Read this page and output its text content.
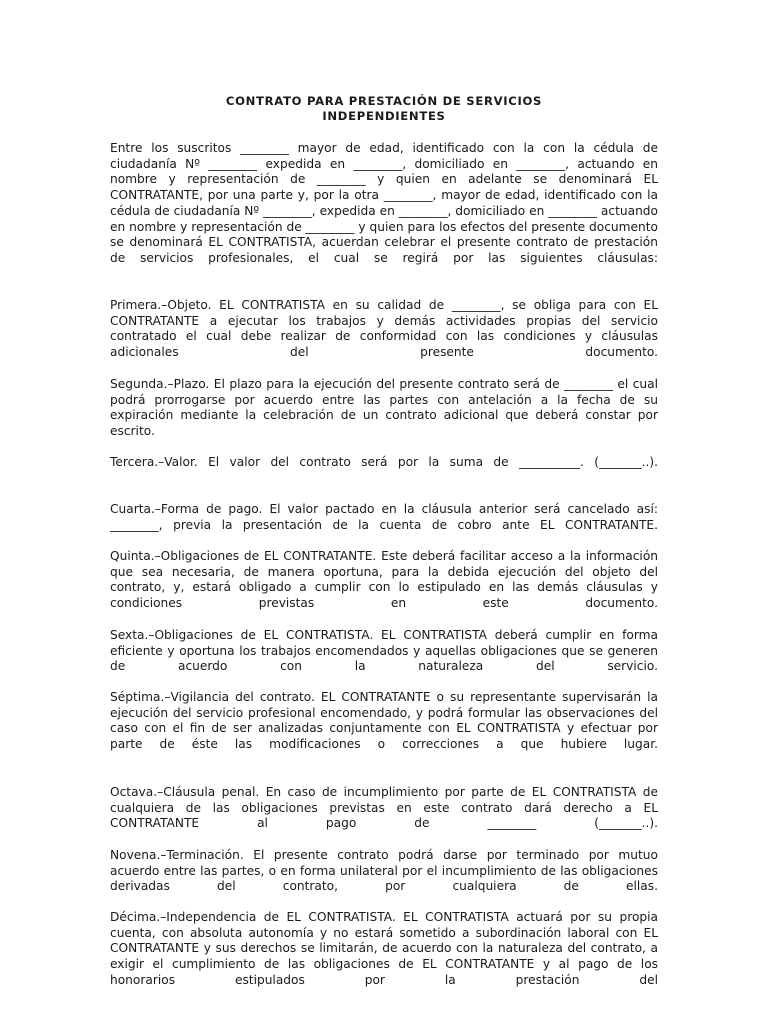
CONTRATO PARA PRESTACIÓN DE SERVICIOS
INDEPENDIENTES

Entre los suscritos ________ mayor de edad, identificado con la con la cédula de ciudadanía Nº ________ expedida en ________, domiciliado en ________, actuando en nombre y representación de ________ y quien en adelante se denominará EL CONTRATANTE, por una parte y, por la otra ________, mayor de edad, identificado con la cédula de ciudadanía Nº ________, expedida en ________, domiciliado en ________ actuando en nombre y representación de ________ y quien para los efectos del presente documento se denominará EL CONTRATISTA, acuerdan celebrar el presente contrato de prestación de servicios profesionales, el cual se regirá por las siguientes cláusulas:

Primera.–Objeto. EL CONTRATISTA en su calidad de ________, se obliga para con EL CONTRATANTE a ejecutar los trabajos y demás actividades propias del servicio contratado el cual debe realizar de conformidad con las condiciones y cláusulas adicionales del presente documento.

Segunda.–Plazo. El plazo para la ejecución del presente contrato será de ________ el cual podrá prorrogarse por acuerdo entre las partes con antelación a la fecha de su expiración mediante la celebración de un contrato adicional que deberá constar por escrito.

Tercera.–Valor. El valor del contrato será por la suma de __________. (_______..).

Cuarta.–Forma de pago. El valor pactado en la cláusula anterior será cancelado así: ________, previa la presentación de la cuenta de cobro ante EL CONTRATANTE.

Quinta.–Obligaciones de EL CONTRATANTE. Este deberá facilitar acceso a la información que sea necesaria, de manera oportuna, para la debida ejecución del objeto del contrato, y, estará obligado a cumplir con lo estipulado en las demás cláusulas y condiciones previstas en este documento.

Sexta.–Obligaciones de EL CONTRATISTA. EL CONTRATISTA deberá cumplir en forma eficiente y oportuna los trabajos encomendados y aquellas obligaciones que se generen de acuerdo con la naturaleza del servicio.

Séptima.–Vigilancia del contrato. EL CONTRATANTE o su representante supervisarán la ejecución del servicio profesional encomendado, y podrá formular las observaciones del caso con el fin de ser analizadas conjuntamente con EL CONTRATISTA y efectuar por parte de éste las modificaciones o correcciones a que hubiere lugar.

Octava.–Cláusula penal. En caso de incumplimiento por parte de EL CONTRATISTA de cualquiera de las obligaciones previstas en este contrato dará derecho a EL CONTRATANTE al pago de ________ (_______..).

Novena.–Terminación. El presente contrato podrá darse por terminado por mutuo acuerdo entre las partes, o en forma unilateral por el incumplimiento de las obligaciones derivadas del contrato, por cualquiera de ellas.

Décima.–Independencia de EL CONTRATISTA. EL CONTRATISTA actuará por su propia cuenta, con absoluta autonomía y no estará sometido a subordinación laboral con EL CONTRATANTE y sus derechos se limitarán, de acuerdo con la naturaleza del contrato, a exigir el cumplimiento de las obligaciones de EL CONTRATANTE y al pago de los honorarios estipulados por la prestación del
